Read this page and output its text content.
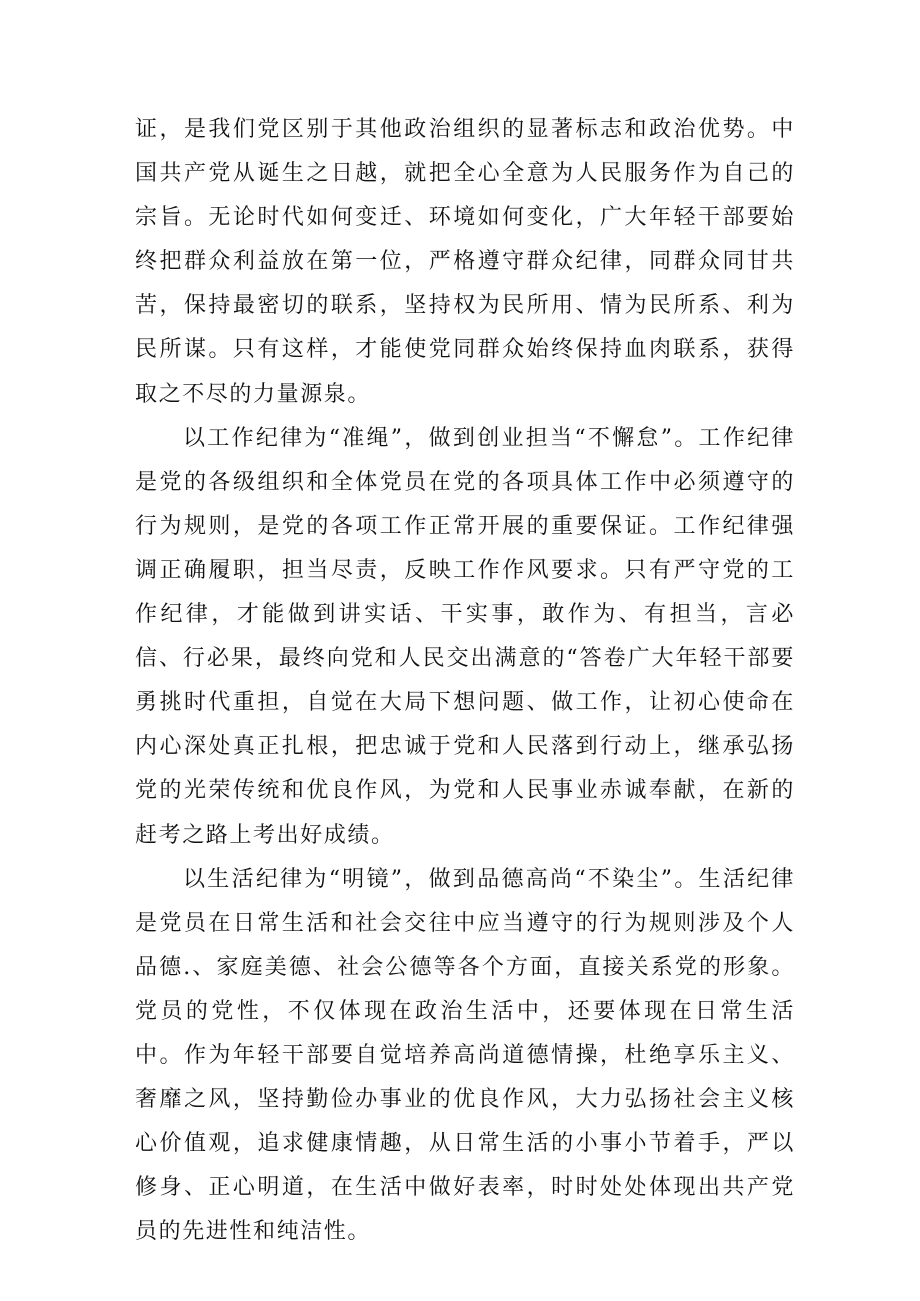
证，是我们党区别于其他政治组织的显著标志和政治优势。中国共产党从诞生之日越，就把全心全意为人民服务作为自己的宗旨。无论时代如何变迁、环境如何变化，广大年轻干部要始终把群众利益放在第一位，严格遵守群众纪律，同群众同甘共苦，保持最密切的联系，坚持权为民所用、情为民所系、利为民所谋。只有这样，才能使党同群众始终保持血肉联系，获得取之不尽的力量源泉。

以工作纪律为“准绳”，做到创业担当“不懈怠”。工作纪律是党的各级组织和全体党员在党的各项具体工作中必须遵守的行为规则，是党的各项工作正常开展的重要保证。工作纪律强调正确履职，担当尽责，反映工作作风要求。只有严守党的工作纪律，才能做到讲实话、干实事，敢作为、有担当，言必信、行必果，最终向党和人民交出满意的“答卷广大年轻干部要勇挑时代重担，自觉在大局下想问题、做工作，让初心使命在内心深处真正扎根，把忠诚于党和人民落到行动上，继承弘扬党的光荣传统和优良作风，为党和人民事业赤诚奉献，在新的赶考之路上考出好成绩。

以生活纪律为“明镜”，做到品德高尚“不染尘”。生活纪律是党员在日常生活和社会交往中应当遵守的行为规则涉及个人品德.、家庭美德、社会公德等各个方面，直接关系党的形象。党员的党性，不仅体现在政治生活中，还要体现在日常生活中。作为年轻干部要自觉培养高尚道德情操，杜绝享乐主义、奢靡之风，坚持勤俭办事业的优良作风，大力弘扬社会主义核心价值观，追求健康情趣，从日常生活的小事小节着手，严以修身、正心明道，在生活中做好表率，时时处处体现出共产党员的先进性和纯洁性。
